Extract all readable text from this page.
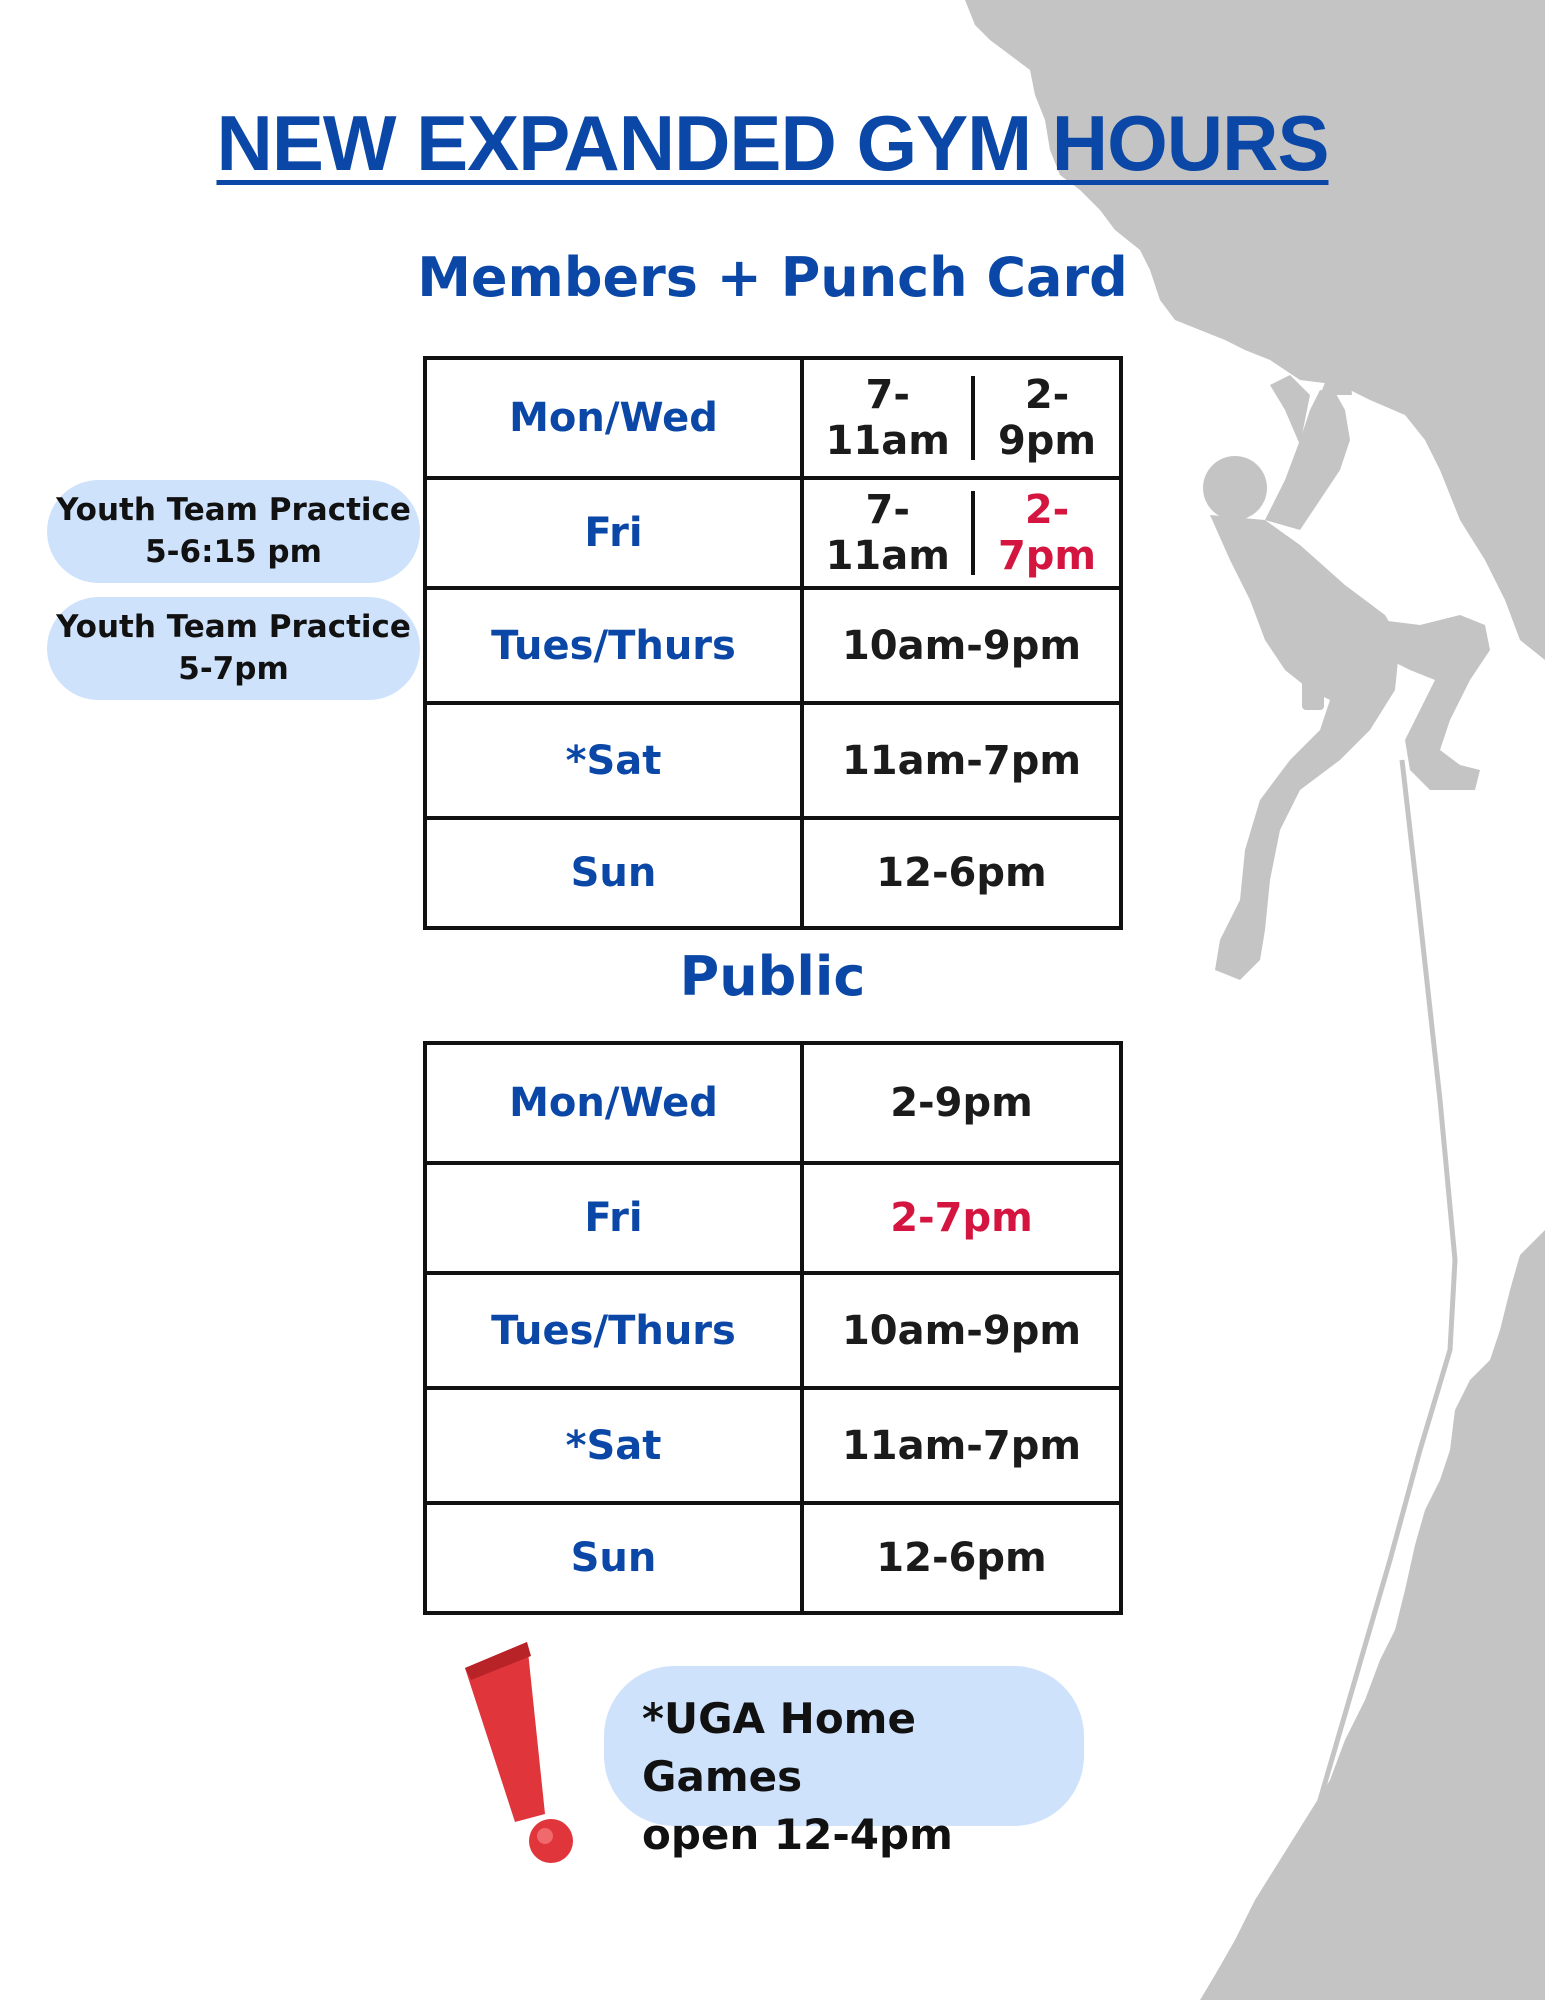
NEW EXPANDED GYM HOURS
Members + Punch Card
Mon/Wed	7-11am
2-9pm

Fri	7-11am
2-7pm

Tues/Thurs	10am-9pm
*Sat	11am-7pm
Sun	12-6pm
Public
Mon/Wed	2-9pm
Fri	2-7pm
Tues/Thurs	10am-9pm
*Sat	11am-7pm
Sun	12-6pm
Youth Team Practice
5-6:15 pm
Youth Team Practice
5-7pm
*UGA Home Games
open 12-4pm
